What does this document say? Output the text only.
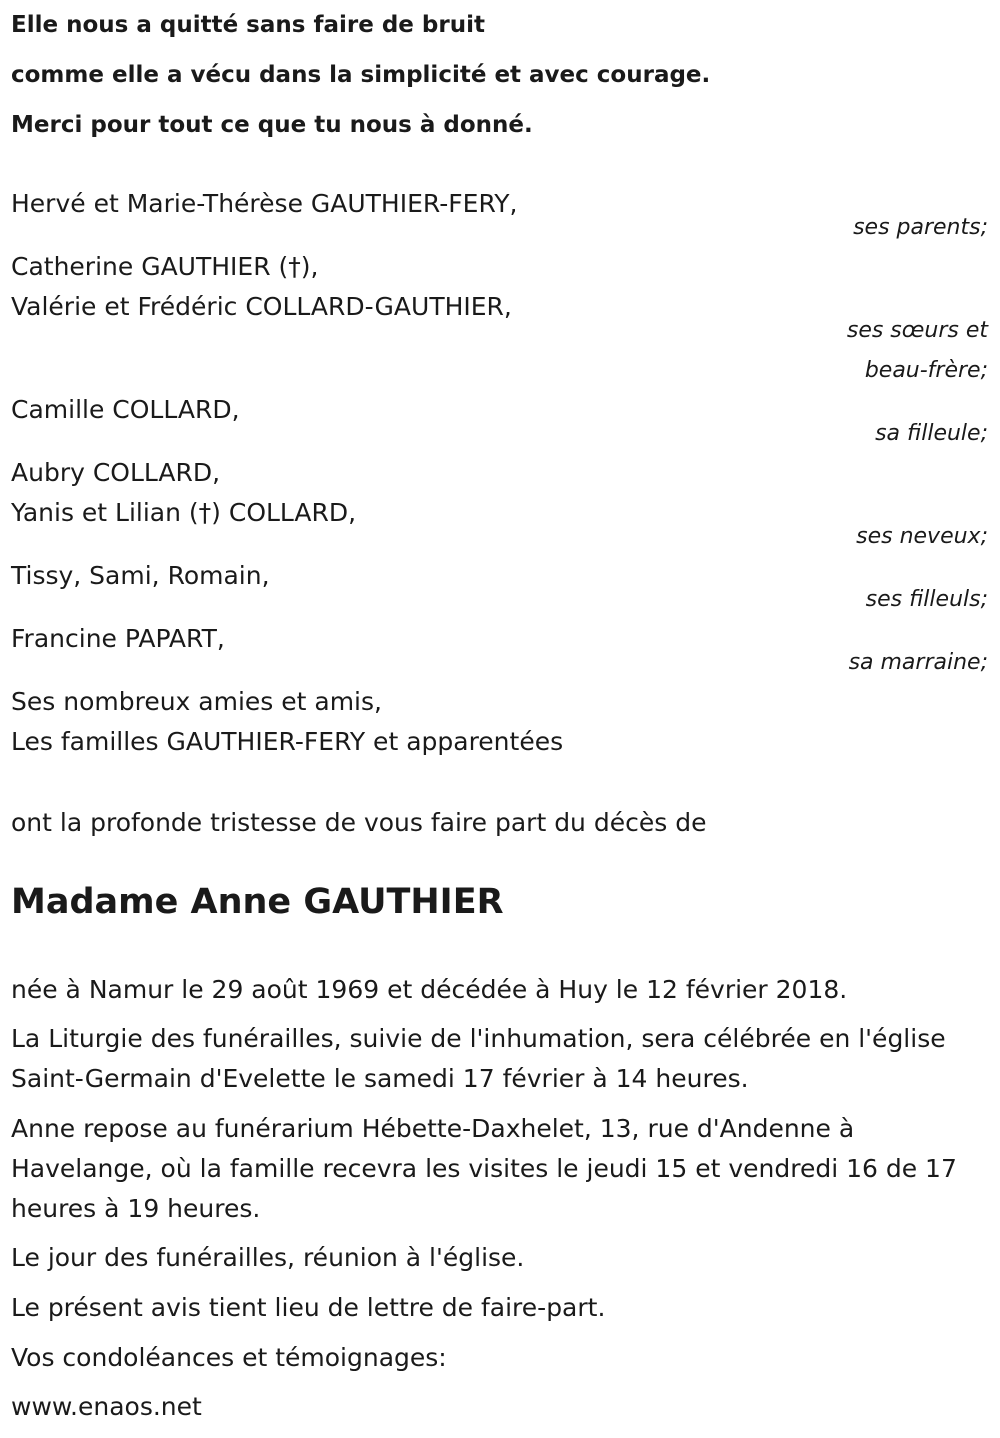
Elle nous a quitté sans faire de bruit
comme elle a vécu dans la simplicité et avec courage.
Merci pour tout ce que tu nous à donné.
Hervé et Marie-Thérèse GAUTHIER-FERY,
ses parents;
Catherine GAUTHIER (†),
Valérie et Frédéric COLLARD-GAUTHIER,
ses sœurs et
beau-frère;
Camille COLLARD,
sa filleule;
Aubry COLLARD,
Yanis et Lilian (†) COLLARD,
ses neveux;
Tissy, Sami, Romain,
ses filleuls;
Francine PAPART,
sa marraine;
Ses nombreux amies et amis,
Les familles GAUTHIER-FERY et apparentées
ont la profonde tristesse de vous faire part du décès de
Madame Anne GAUTHIER
née à Namur le 29 août 1969 et décédée à Huy le 12 février 2018.
La Liturgie des funérailles, suivie de l'inhumation, sera célébrée en l'église
Saint-Germain d'Evelette le samedi 17 février à 14 heures.
Anne repose au funérarium Hébette-Daxhelet, 13, rue d'Andenne à
Havelange, où la famille recevra les visites le jeudi 15 et vendredi 16 de 17
heures à 19 heures.
Le jour des funérailles, réunion à l'église.
Le présent avis tient lieu de lettre de faire-part.
Vos condoléances et témoignages:
www.enaos.net
